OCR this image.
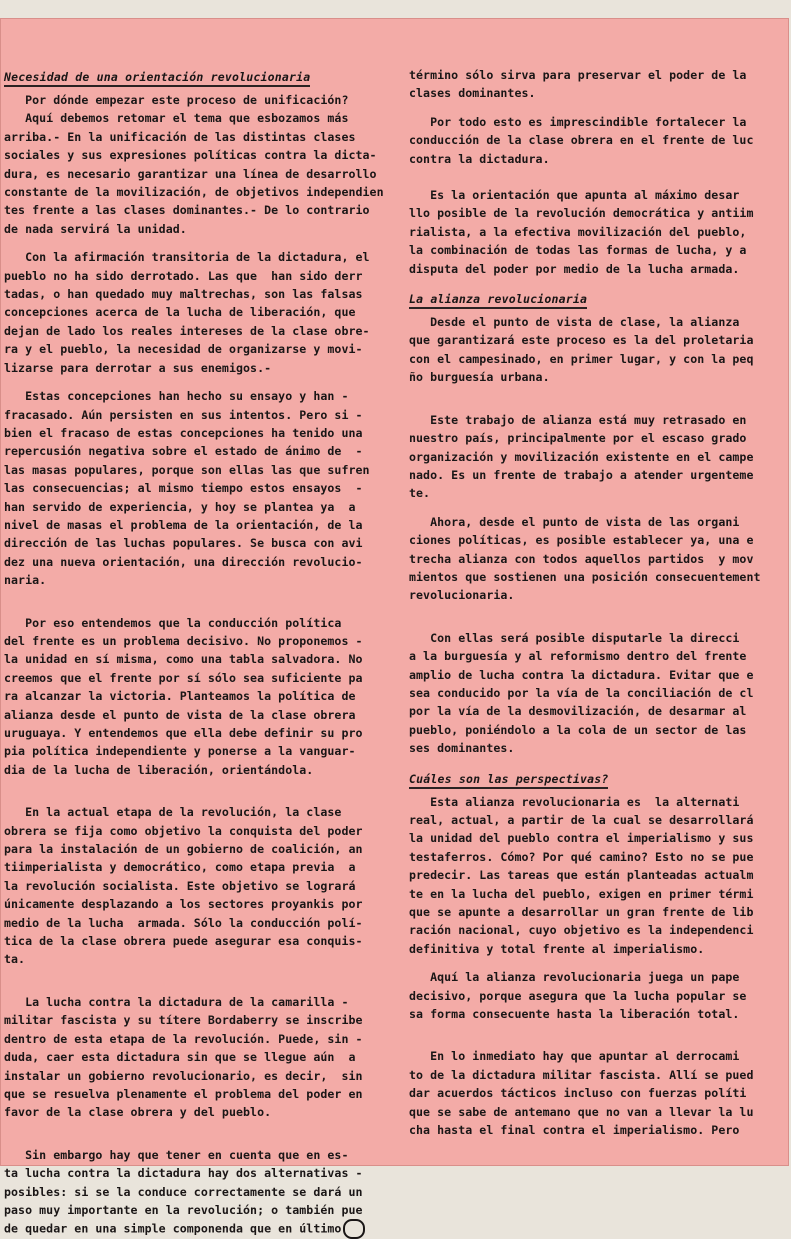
Necesidad de una orientación revolucionaria

Por dónde empezar este proceso de unificación?
Aquí debemos retomar el tema que esbozamos más
arriba.- En la unificación de las distintas clases
sociales y sus expresiones políticas contra la dicta-
dura, es necesario garantizar una línea de desarrollo
constante de la movilización, de objetivos independien
tes frente a las clases dominantes.- De lo contrario
de nada servirá la unidad.

Con la afirmación transitoria de la dictadura, el
pueblo no ha sido derrotado. Las que  han sido derr
tadas, o han quedado muy maltrechas, son las falsas
concepciones acerca de la lucha de liberación, que
dejan de lado los reales intereses de la clase obre-
ra y el pueblo, la necesidad de organizarse y movi-
lizarse para derrotar a sus enemigos.-

Estas concepciones han hecho su ensayo y han -
fracasado. Aún persisten en sus intentos. Pero si -
bien el fracaso de estas concepciones ha tenido una
repercusión negativa sobre el estado de ánimo de  -
las masas populares, porque son ellas las que sufren
las consecuencias; al mismo tiempo estos ensayos  -
han servido de experiencia, y hoy se plantea ya  a
nivel de masas el problema de la orientación, de la
dirección de las luchas populares. Se busca con avi
dez una nueva orientación, una dirección revolucio-
naria.

Por eso entendemos que la conducción política
del frente es un problema decisivo. No proponemos -
la unidad en sí misma, como una tabla salvadora. No
creemos que el frente por sí sólo sea suficiente pa
ra alcanzar la victoria. Planteamos la política de
alianza desde el punto de vista de la clase obrera
uruguaya. Y entendemos que ella debe definir su pro
pia política independiente y ponerse a la vanguar-
dia de la lucha de liberación, orientándola.

En la actual etapa de la revolución, la clase
obrera se fija como objetivo la conquista del poder
para la instalación de un gobierno de coalición, an
tiimperialista y democrático, como etapa previa  a
la revolución socialista. Este objetivo se logrará
únicamente desplazando a los sectores proyankis por
medio de la lucha  armada. Sólo la conducción polí-
tica de la clase obrera puede asegurar esa conquis-
ta.

La lucha contra la dictadura de la camarilla -
militar fascista y su títere Bordaberry se inscribe
dentro de esta etapa de la revolución. Puede, sin -
duda, caer esta dictadura sin que se llegue aún  a
instalar un gobierno revolucionario, es decir,  sin
que se resuelva plenamente el problema del poder en
favor de la clase obrera y del pueblo.

Sin embargo hay que tener en cuenta que en es-
ta lucha contra la dictadura hay dos alternativas -
posibles: si se la conduce correctamente se dará un
paso muy importante en la revolución; o también pue
de quedar en una simple componenda que en último

término sólo sirva para preservar el poder de la
clases dominantes.

Por todo esto es imprescindible fortalecer la
conducción de la clase obrera en el frente de luc
contra la dictadura.

Es la orientación que apunta al máximo desar
llo posible de la revolución democrática y antiim
rialista, a la efectiva movilización del pueblo,
la combinación de todas las formas de lucha, y a
disputa del poder por medio de la lucha armada.

La alianza revolucionaria

Desde el punto de vista de clase, la alianza
que garantizará este proceso es la del proletaria
con el campesinado, en primer lugar, y con la peq
ño burguesía urbana.

Este trabajo de alianza está muy retrasado en
nuestro país, principalmente por el escaso grado
organización y movilización existente en el campe
nado. Es un frente de trabajo a atender urgenteme
te.

Ahora, desde el punto de vista de las organi
ciones políticas, es posible establecer ya, una e
trecha alianza con todos aquellos partidos  y mov
mientos que sostienen una posición consecuentement
revolucionaria.

Con ellas será posible disputarle la direcci
a la burguesía y al reformismo dentro del frente
amplio de lucha contra la dictadura. Evitar que e
sea conducido por la vía de la conciliación de cl
por la vía de la desmovilización, de desarmar al
pueblo, poniéndolo a la cola de un sector de las
ses dominantes.

Cuáles son las perspectivas?

Esta alianza revolucionaria es  la alternati
real, actual, a partir de la cual se desarrollará
la unidad del pueblo contra el imperialismo y sus
testaferros. Cómo? Por qué camino? Esto no se pue
predecir. Las tareas que están planteadas actualm
te en la lucha del pueblo, exigen en primer térmi
que se apunte a desarrollar un gran frente de lib
ración nacional, cuyo objetivo es la independenci
definitiva y total frente al imperialismo.

Aquí la alianza revolucionaria juega un pape
decisivo, porque asegura que la lucha popular se
sa forma consecuente hasta la liberación total.

En lo inmediato hay que apuntar al derrocami
to de la dictadura militar fascista. Allí se pued
dar acuerdos tácticos incluso con fuerzas políti
que se sabe de antemano que no van a llevar la lu
cha hasta el final contra el imperialismo. Pero
